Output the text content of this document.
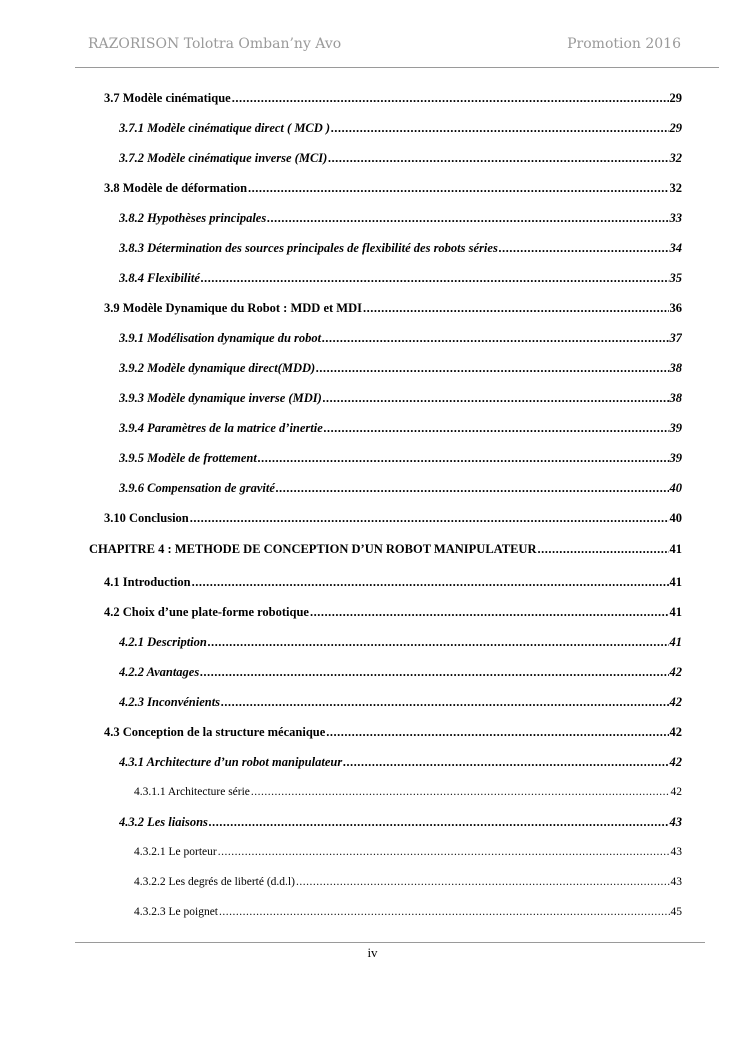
RAZORISON Tolotra Omban’ny Avo	Promotion 2016
3.7 Modèle cinématique .....	29
3.7.1 Modèle cinématique direct ( MCD ) .....	29
3.7.2 Modèle cinématique inverse (MCI) .....	32
3.8 Modèle de déformation .....	32
3.8.2 Hypothèses principales .....	33
3.8.3 Détermination des sources principales de flexibilité des robots séries .....	34
3.8.4 Flexibilité .....	35
3.9 Modèle Dynamique du Robot : MDD et MDI .....	36
3.9.1 Modélisation dynamique du robot .....	37
3.9.2 Modèle dynamique direct(MDD) .....	38
3.9.3 Modèle dynamique inverse (MDI) .....	38
3.9.4 Paramètres de la matrice d’inertie .....	39
3.9.5 Modèle de frottement .....	39
3.9.6 Compensation de gravité .....	40
3.10 Conclusion .....	40
CHAPITRE 4 : METHODE DE CONCEPTION D’UN ROBOT MANIPULATEUR .....	41
4.1 Introduction .....	41
4.2 Choix d’une plate-forme robotique .....	41
4.2.1 Description .....	41
4.2.2 Avantages .....	42
4.2.3 Inconvénients .....	42
4.3 Conception de la structure mécanique .....	42
4.3.1 Architecture d’un robot manipulateur .....	42
4.3.1.1 Architecture série .....	42
4.3.2 Les liaisons .....	43
4.3.2.1 Le porteur .....	43
4.3.2.2 Les degrés de liberté (d.d.l) .....	43
4.3.2.3 Le poignet .....	45
iv
